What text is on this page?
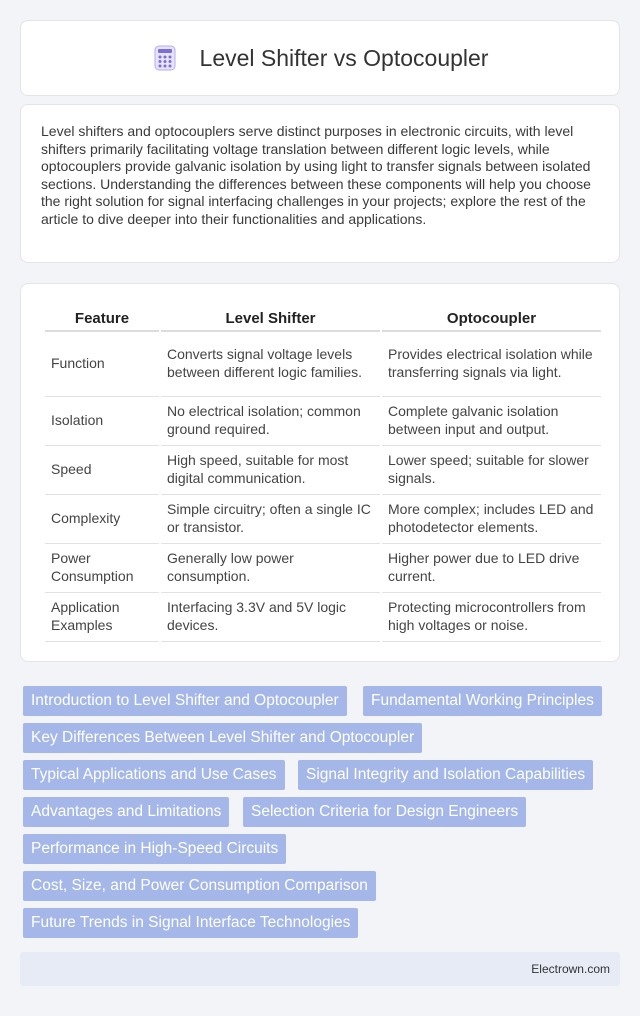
Level Shifter vs Optocoupler

Level shifters and optocouplers serve distinct purposes in electronic circuits, with level shifters primarily facilitating voltage translation between different logic levels, while optocouplers provide galvanic isolation by using light to transfer signals between isolated sections. Understanding the differences between these components will help you choose the right solution for signal interfacing challenges in your projects; explore the rest of the article to dive deeper into their functionalities and applications.

Feature	Level Shifter	Optocoupler
Function	Converts signal voltage levels between different logic families.	Provides electrical isolation while transferring signals via light.
Isolation	No electrical isolation; common ground required.	Complete galvanic isolation between input and output.
Speed	High speed, suitable for most digital communication.	Lower speed; suitable for slower signals.
Complexity	Simple circuitry; often a single IC or transistor.	More complex; includes LED and photodetector elements.
Power Consumption	Generally low power consumption.	Higher power due to LED drive current.
Application Examples	Interfacing 3.3V and 5V logic devices.	Protecting microcontrollers from high voltages or noise.
Introduction to Level Shifter and Optocoupler	Fundamental Working Principles
Key Differences Between Level Shifter and Optocoupler
Typical Applications and Use Cases	Signal Integrity and Isolation Capabilities
Advantages and Limitations	Selection Criteria for Design Engineers
Performance in High-Speed Circuits
Cost, Size, and Power Consumption Comparison
Future Trends in Signal Interface Technologies
Electrown.com
